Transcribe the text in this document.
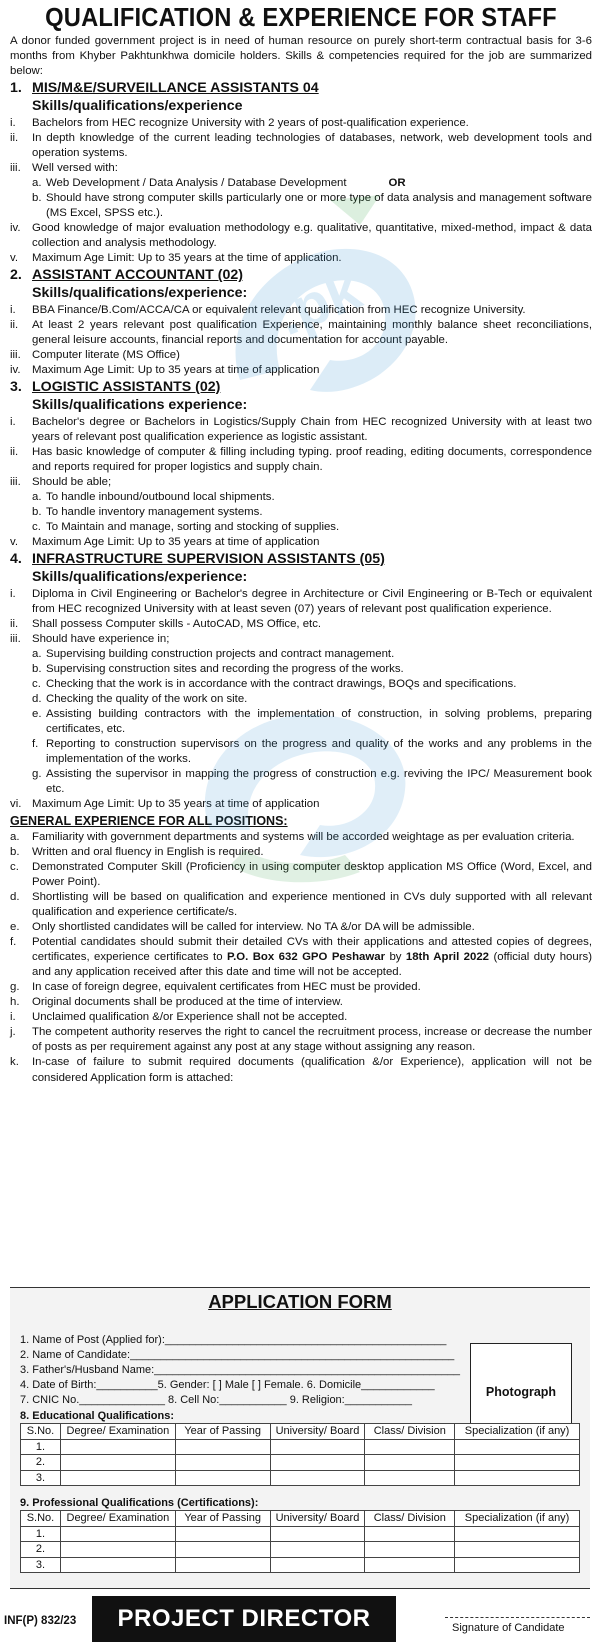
.pk
QUALIFICATION & EXPERIENCE FOR STAFF
A donor funded government project is in need of human resource on purely short-term contractual basis for 3-6 months from Khyber Pakhtunkhwa domicile holders. Skills & competencies required for the job are summarized below:
1. MIS/M&E/SURVEILLANCE ASSISTANTS 04
Skills/qualifications/experience
i.	Bachelors from HEC recognize University with 2 years of post-qualification experience.
ii.	In depth knowledge of the current leading technologies of databases, network, web development tools and operation systems.
iii. Well versed with:
a. Web Development / Data Analysis / Database Development	OR
b. Should have strong computer skills particularly one or more type of data analysis and management software (MS Excel, SPSS etc.).
iv.	Good knowledge of major evaluation methodology e.g. qualitative, quantitative, mixed-method, impact & data collection and analysis methodology.
v.	Maximum Age Limit: Up to 35 years at the time of application.
2. ASSISTANT ACCOUNTANT (02)
Skills/qualifications/experience:
i.	BBA Finance/B.Com/ACCA/CA or equivalent relevant qualification from HEC recognize University.
ii.	At least 2 years relevant post qualification Experience, maintaining monthly balance sheet reconciliations, general leisure accounts, financial reports and documentation for account payable.
iii. Computer literate (MS Office)
iv.	Maximum Age Limit: Up to 35 years at time of application
3. LOGISTIC ASSISTANTS (02)
Skills/qualifications experience:
i.	Bachelor's degree or Bachelors in Logistics/Supply Chain from HEC recognized University with at least two years of relevant post qualification experience as logistic assistant.
ii.	Has basic knowledge of computer & filling including typing. proof reading, editing documents, correspondence and reports required for proper logistics and supply chain.
iii. Should be able;
a. To handle inbound/outbound local shipments.
b. To handle inventory management systems.
c. To Maintain and manage, sorting and stocking of supplies.
v.	Maximum Age Limit: Up to 35 years at time of application
4. INFRASTRUCTURE SUPERVISION ASSISTANTS (05)
Skills/qualifications/experience:
i.	Diploma in Civil Engineering or Bachelor's degree in Architecture or Civil Engineering or B-Tech or equivalent from HEC recognized University with at least seven (07) years of relevant post qualification experience.
ii.	Shall possess Computer skills - AutoCAD, MS Office, etc.
iii. Should have experience in;
a. Supervising building construction projects and contract management.
b. Supervising construction sites and recording the progress of the works.
c. Checking that the work is in accordance with the contract drawings, BOQs and specifications.
d. Checking the quality of the work on site.
e. Assisting building contractors with the implementation of construction, in solving problems, preparing certificates, etc.
f. Reporting to construction supervisors on the progress and quality of the works and any problems in the implementation of the works.
g. Assisting the supervisor in mapping the progress of construction e.g. reviving the IPC/ Measurement book etc.
vi. Maximum Age Limit: Up to 35 years at time of application
GENERAL EXPERIENCE FOR ALL POSITIONS:
a.	Familiarity with government departments and systems will be accorded weightage as per evaluation criteria.
b.	Written and oral fluency in English is required.
c.	Demonstrated Computer Skill (Proficiency in using computer desktop application MS Office (Word, Excel, and Power Point).
d.	Shortlisting will be based on qualification and experience mentioned in CVs duly supported with all relevant qualification and experience certificate/s.
e.	Only shortlisted candidates will be called for interview. No TA &/or DA will be admissible.
f.	Potential candidates should submit their detailed CVs with their applications and attested copies of degrees, certificates, experience certificates to P.O. Box 632 GPO Peshawar by 18th April 2022 (official duty hours) and any application received after this date and time will not be accepted.
g.	In case of foreign degree, equivalent certificates from HEC must be provided.
h.	Original documents shall be produced at the time of interview.
i.	Unclaimed qualification &/or Experience shall not be accepted.
j.	The competent authority reserves the right to cancel the recruitment process, increase or decrease the number of posts as per requirement against any post at any stage without assigning any reason.
k.	In-case of failure to submit required documents (qualification &/or Experience), application will not be considered Application form is attached:
APPLICATION FORM
1. Name of Post (Applied for):______________________________________________
2. Name of Candidate:_____________________________________________________
3. Father's/Husband Name:__________________________________________________
4. Date of Birth:__________5. Gender: [ ] Male [ ] Female. 6. Domicile____________
7. CNIC No.______________ 8. Cell No:___________ 9. Religion:___________
Photograph
8. Educational Qualifications:
S.No.	Degree/ Examination	Year of Passing	University/ Board	Class/ Division	Specialization (if any)
1.					
2.					
3.					
9. Professional Qualifications (Certifications):
S.No.	Degree/ Examination	Year of Passing	University/ Board	Class/ Division	Specialization (if any)
1.					
2.					
3.					
INF(P) 832/23	PROJECT DIRECTOR	Signature of Candidate
